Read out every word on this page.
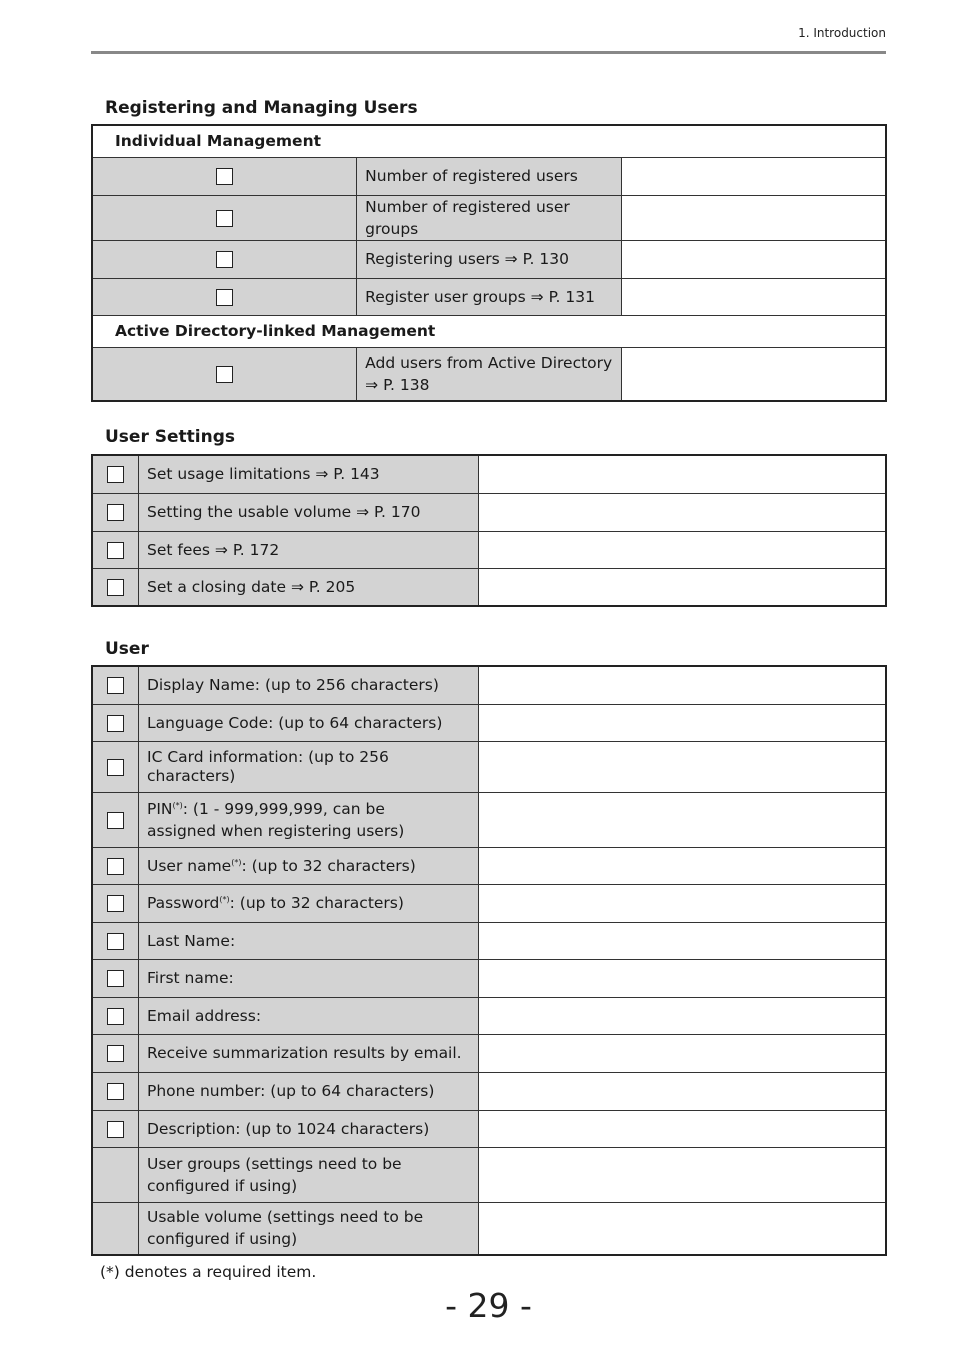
1. Introduction
Registering and Managing Users
Individual Management		
	Number of registered users	
	Number of registered user groups	
	Registering users ⇒ P. 130	
	Register user groups ⇒ P. 131	
Active Directory-linked Management		

	Add users from Active Directory
⇒ P. 138	

User Settings
	Set usage limitations ⇒ P. 143	
	Setting the usable volume ⇒ P. 170	
	Set fees ⇒ P. 172	
	Set a closing date ⇒ P. 205	
User
	Display Name: (up to 256 characters)	
	Language Code: (up to 64 characters)	

	IC Card information: (up to 256
characters)	

	PIN(*): (1 - 999,999,999, can be
assigned when registering users)	

	User name(*): (up to 32 characters)	
	Password(*): (up to 32 characters)	
	Last Name:	
	First name:	
	Email address:	
	Receive summarization results by email.	
	Phone number: (up to 64 characters)	
	Description: (up to 1024 characters)	

	User groups (settings need to be
configured if using)	

	Usable volume (settings need to be
configured if using)	

(*) denotes a required item.
- 29 -
